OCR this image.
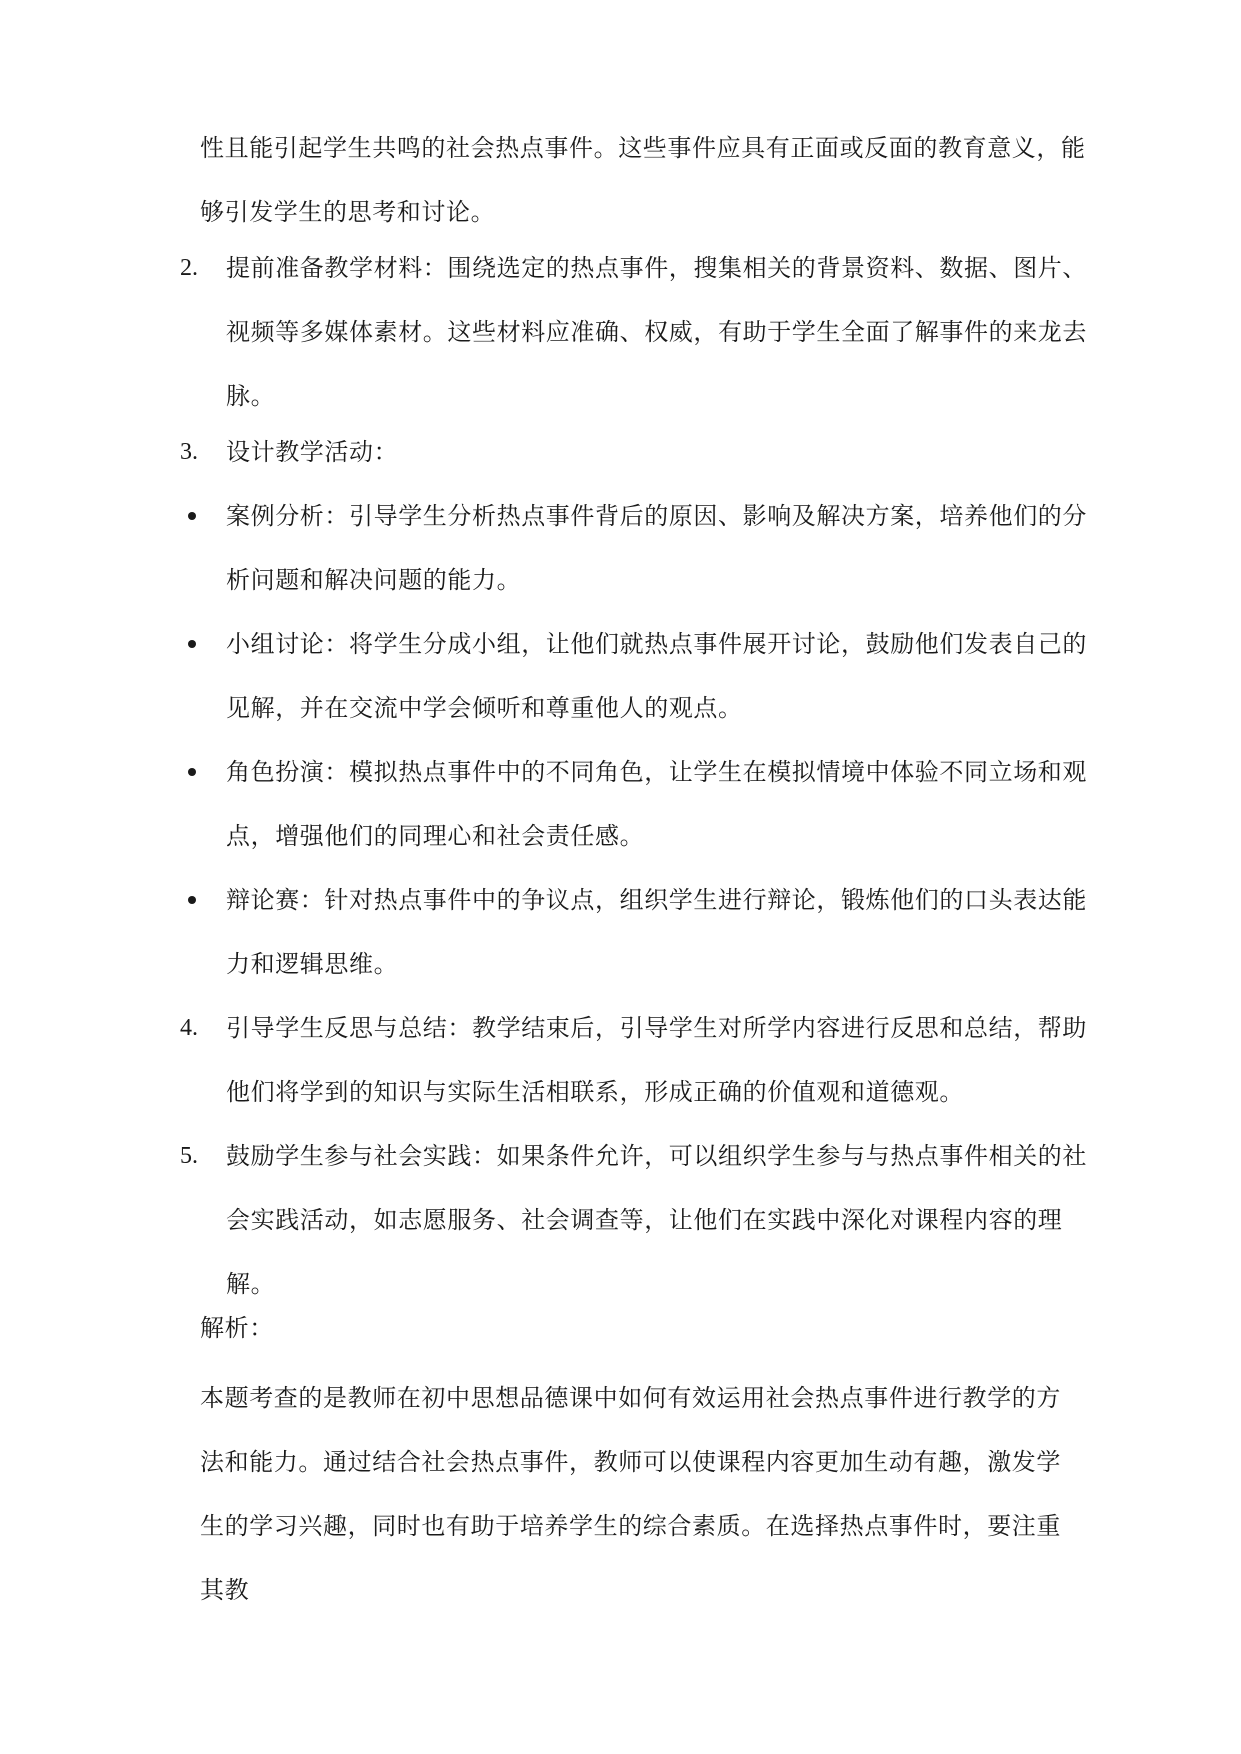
性且能引起学生共鸣的社会热点事件。这些事件应具有正面或反面的教育意义，能够引发学生的思考和讨论。
2.	提前准备教学材料：围绕选定的热点事件，搜集相关的背景资料、数据、图片、视频等多媒体素材。这些材料应准确、权威，有助于学生全面了解事件的来龙去脉。
3.	设计教学活动：
案例分析：引导学生分析热点事件背后的原因、影响及解决方案，培养他们的分析问题和解决问题的能力。
小组讨论：将学生分成小组，让他们就热点事件展开讨论，鼓励他们发表自己的见解，并在交流中学会倾听和尊重他人的观点。
角色扮演：模拟热点事件中的不同角色，让学生在模拟情境中体验不同立场和观点，增强他们的同理心和社会责任感。
辩论赛：针对热点事件中的争议点，组织学生进行辩论，锻炼他们的口头表达能力和逻辑思维。
4.	引导学生反思与总结：教学结束后，引导学生对所学内容进行反思和总结，帮助他们将学到的知识与实际生活相联系，形成正确的价值观和道德观。
5.	鼓励学生参与社会实践：如果条件允许，可以组织学生参与与热点事件相关的社会实践活动，如志愿服务、社会调查等，让他们在实践中深化对课程内容的理解。
解析：
本题考查的是教师在初中思想品德课中如何有效运用社会热点事件进行教学的方法和能力。通过结合社会热点事件，教师可以使课程内容更加生动有趣，激发学生的学习兴趣，同时也有助于培养学生的综合素质。在选择热点事件时，要注重其教
